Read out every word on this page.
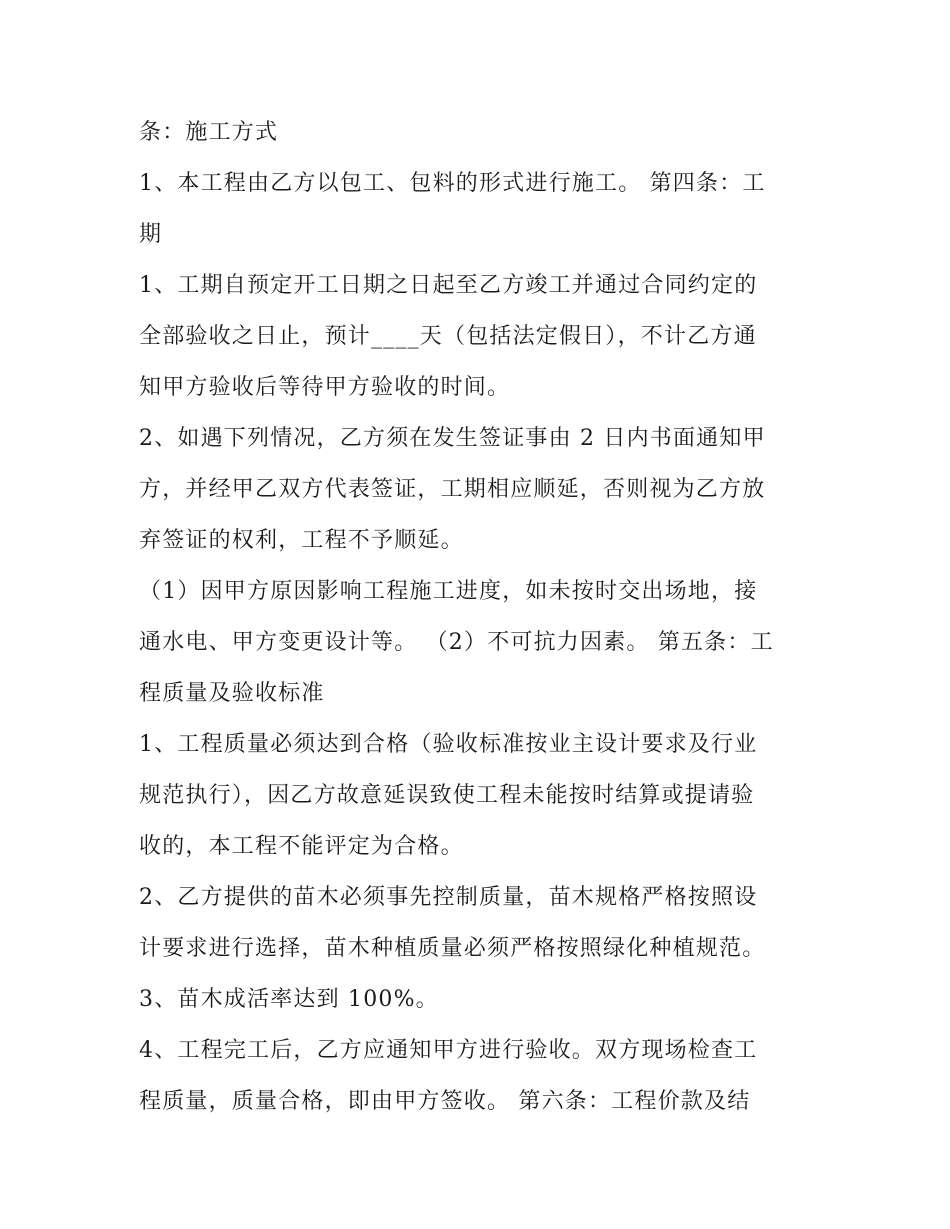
条：施工方式
1、本工程由乙方以包工、包料的形式进行施工。 第四条：工
期
1、工期自预定开工日期之日起至乙方竣工并通过合同约定的
全部验收之日止，预计____天（包括法定假日），不计乙方通
知甲方验收后等待甲方验收的时间。
2、如遇下列情况，乙方须在发生签证事由 2 日内书面通知甲
方，并经甲乙双方代表签证，工期相应顺延，否则视为乙方放
弃签证的权利，工程不予顺延。
（1）因甲方原因影响工程施工进度，如未按时交出场地，接
通水电、甲方变更设计等。 （2）不可抗力因素。 第五条：工
程质量及验收标准
1、工程质量必须达到合格（验收标准按业主设计要求及行业
规范执行），因乙方故意延误致使工程未能按时结算或提请验
收的，本工程不能评定为合格。
2、乙方提供的苗木必须事先控制质量，苗木规格严格按照设
计要求进行选择，苗木种植质量必须严格按照绿化种植规范。
3、苗木成活率达到 100%。
4、工程完工后，乙方应通知甲方进行验收。双方现场检查工
程质量，质量合格，即由甲方签收。 第六条：工程价款及结
